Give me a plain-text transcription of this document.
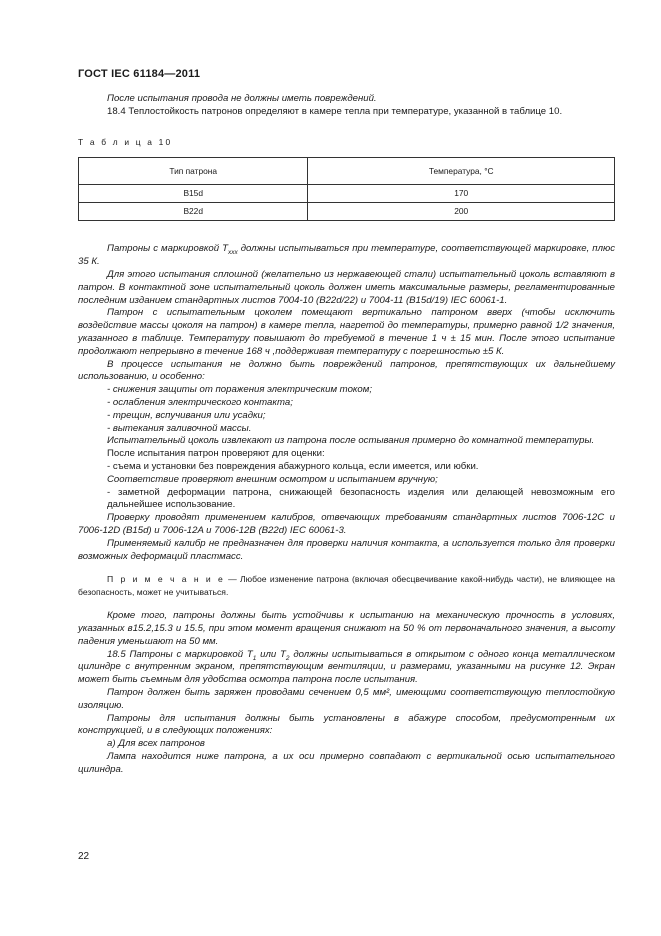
ГОСТ IEC 61184—2011

После испытания провода не должны иметь повреждений.

18.4 Теплостойкость патронов определяют в камере тепла при температуре, указанной в таблице 10.

Т а б л и ц а 10
Тип патрона	Температура, °С
B15d	170
B22d	200

Патроны с маркировкой $T_{xxx}$ должны испытываться при температуре, соответствующей маркировке, плюс 35 К.

Для этого испытания сплошной (желательно из нержавеющей стали) испытательный цоколь вставляют в патрон. В контактной зоне испытательный цоколь должен иметь максимальные размеры, регламентированные последним изданием стандартных листов 7004-10 (B22d/22) и 7004-11 (B15d/19) IEC 60061-1.

Патрон с испытательным цоколем помещают вертикально патроном вверх (чтобы исключить воздействие массы цоколя на патрон) в камере тепла, нагретой до температуры, примерно равной 1/2 значения, указанного в таблице. Температуру повышают до требуемой в течение 1 ч ± 15 мин. После этого испытание продолжают непрерывно в течение 168 ч ,поддерживая температуру с погрешностью ±5 К.

В процессе испытания не должно быть повреждений патронов, препятствующих их дальнейшему использованию, и особенно:

- снижения защиты от поражения электрическим током;

- ослабления электрического контакта;

- трещин, вспучивания или усадки;

- вытекания заливочной массы.

Испытательный цоколь извлекают из патрона после остывания примерно до комнатной температуры.

После испытания патрон проверяют для оценки:

- съема и установки без повреждения абажурного кольца, если имеется, или юбки.

Соответствие проверяют внешним осмотром и испытанием вручную;

- заметной деформации патрона, снижающей безопасность изделия или делающей невозможным его дальнейшее использование.

Проверку проводят применением калибров, отвечающих требованиям стандартных листов 7006-12C и 7006-12D (B15d) и 7006-12A и 7006-12B (B22d) IEC 60061-3.

Применяемый калибр не предназначен для проверки наличия контакта, а используется только для проверки возможных деформаций пластмасс.

П р и м е ч а н и е — Любое изменение патрона (включая обесцвечивание какой-нибудь части), не влияющее на безопасность, может не учитываться.

Кроме того, патроны должны быть устойчивы к испытанию на механическую прочность в условиях, указанных в15.2,15.3 и 15.5, при этом момент вращения снижают на 50 % от первоначального значения, а высоту падения уменьшают на 50 мм.

18.5 Патроны с маркировкой $T_1$ или $T_2$ должны испытываться в открытом с одного конца металлическом цилиндре с внутренним экраном, препятствующим вентиляции, и размерами, указанными на рисунке 12. Экран может быть съемным для удобства осмотра патрона после испытания.

Патрон должен быть заряжен проводами сечением 0,5 мм², имеющими соответствующую теплостойкую изоляцию.

Патроны для испытания должны быть установлены в абажуре способом, предусмотренным их конструкцией, и в следующих положениях:

а) Для всех патронов

Лампа находится ниже патрона, а их оси примерно совпадают с вертикальной осью испытательного цилиндра.

22
